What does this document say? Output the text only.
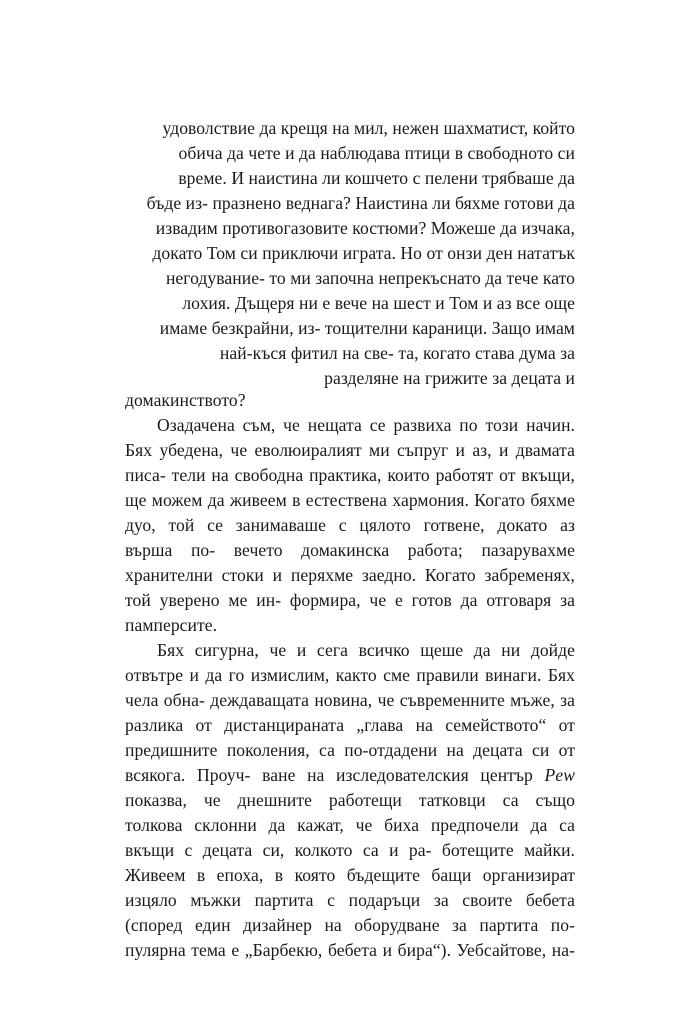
удоволствие да крещя на мил, нежен шахматист, който
обича да чете и да наблюдава птици в свободното си
време. И наистина ли кошчето с пелени трябваше да
бъде из- празнено веднага? Наистина ли бяхме готови да
извадим противогазовите костюми? Можеше да изчака,
докато Том си приключи играта. Но от онзи ден нататък
негодувание- то ми започна непрекъснато да тече като
лохия. Дъщеря ни е вече на шест и Том и аз все още
имаме безкрайни, из- тощителни караници. Защо имам
най-къся фитил на све- та, когато става дума за
разделяне на грижите за децата и
домакинството?
Озадачена съм, че нещата се развиха по този начин.
Бях убедена, че еволюиралият ми съпруг и аз, и двамата
писа- тели на свободна практика, които работят от вкъщи,
ще можем да живеем в естествена хармония. Когато бяхме
дуо, той се занимаваше с цялото готвене, докато аз
върша по- вечето домакинска работа; пазарувахме
хранителни стоки и перяхме заедно. Когато забременях,
той уверено ме ин- формира, че е готов да отговаря за
памперсите.
Бях сигурна, че и сега всичко щеше да ни дойде
отвътре и да го измислим, както сме правили винаги. Бях
чела обна- деждаващата новина, че съвременните мъже, за
разлика от дистанцираната „глава на семейството“ от
предишните поколения, са по-отдадени на децата си от
всякога. Проуч- ване на изследователския център Pew
показва, че днешните работещи татковци са също
толкова склонни да кажат, че биха предпочели да са
вкъщи с децата си, колкото са и ра- ботещите майки.
Живеем в епоха, в която бъдещите бащи организират
изцяло мъжки партита с подаръци за своите бебета
(според един дизайнер на оборудване за партита по-
пулярна тема е „Барбекю, бебета и бира“). Уебсайтове, на-
